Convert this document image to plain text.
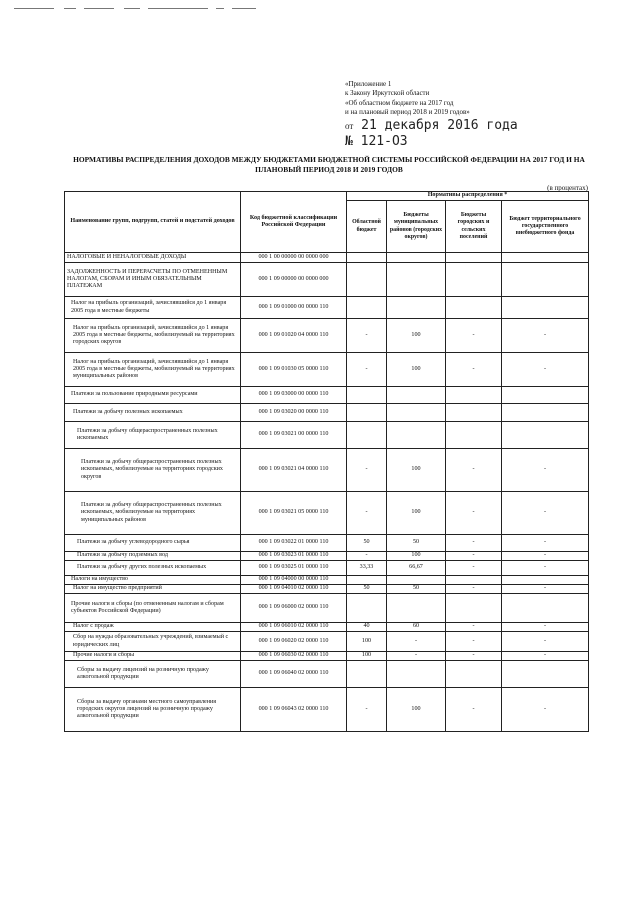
«Приложение 1
к Закону Иркутской области
«Об областном бюджете на 2017 год
и на плановый период 2018 и 2019 годов»
от 21 декабря 2016 года
№ 121-ОЗ
НОРМАТИВЫ РАСПРЕДЕЛЕНИЯ ДОХОДОВ МЕЖДУ БЮДЖЕТАМИ БЮДЖЕТНОЙ СИСТЕМЫ РОССИЙСКОЙ ФЕДЕРАЦИИ НА 2017 ГОД И НА ПЛАНОВЫЙ ПЕРИОД 2018 И 2019 ГОДОВ
(в процентах)
Наименование групп, подгрупп, статей и подстатей доходов	Код бюджетной классификации Российской Федерации	Нормативы распределения *			
		Областной бюджет	Бюджеты муниципальных районов (городских округов)	Бюджеты городских и сельских поселений	Бюджет территориального государственного внебюджетного фонда
НАЛОГОВЫЕ И НЕНАЛОГОВЫЕ ДОХОДЫ	000 1 00 00000 00 0000 000				
ЗАДОЛЖЕННОСТЬ И ПЕРЕРАСЧЕТЫ ПО ОТМЕНЕННЫМ НАЛОГАМ, СБОРАМ И ИНЫМ ОБЯЗАТЕЛЬНЫМ ПЛАТЕЖАМ	000 1 09 00000 00 0000 000				
Налог на прибыль организаций, зачислявшийся до 1 января 2005 года в местные бюджеты	000 1 09 01000 00 0000 110				
Налог на прибыль организаций, зачислявшийся до 1 января 2005 года в местные бюджеты, мобилизуемый на территориях городских округов	000 1 09 01020 04 0000 110	-	100	-	-
Налог на прибыль организаций, зачислявшийся до 1 января 2005 года в местные бюджеты, мобилизуемый на территориях муниципальных районов	000 1 09 01030 05 0000 110	-	100	-	-
Платежи за пользование природными ресурсами	000 1 09 03000 00 0000 110				
Платежи за добычу полезных ископаемых	000 1 09 03020 00 0000 110				
Платежи за добычу общераспространенных полезных ископаемых	000 1 09 03021 00 0000 110				
Платежи за добычу общераспространенных полезных ископаемых, мобилизуемые на территориях городских округов	000 1 09 03021 04 0000 110	-	100	-	-
Платежи за добычу общераспространенных полезных ископаемых, мобилизуемые на территориях муниципальных районов	000 1 09 03021 05 0000 110	-	100	-	-
Платежи за добычу углеводородного сырья	000 1 09 03022 01 0000 110	50	50	-	-
Платежи за добычу подземных вод	000 1 09 03023 01 0000 110	-	100	-	-
Платежи за добычу других полезных ископаемых	000 1 09 03025 01 0000 110	33,33	66,67	-	-
Налоги на имущество	000 1 09 04000 00 0000 110				
Налог на имущество предприятий	000 1 09 04010 02 0000 110	50	50	-	-
Прочие налоги и сборы (по отмененным налогам и сборам субъектов Российской Федерации)	000 1 09 06000 02 0000 110				
Налог с продаж	000 1 09 06010 02 0000 110	40	60	-	-
Сбор на нужды образовательных учреждений, взимаемый с юридических лиц	000 1 09 06020 02 0000 110	100	-	-	-
Прочие налоги и сборы	000 1 09 06030 02 0000 110	100	-	-	-
Сборы за выдачу лицензий на розничную продажу алкогольной продукции	000 1 09 06040 02 0000 110				
Сборы за выдачу органами местного самоуправления городских округов лицензий на розничную продажу алкогольной продукции	000 1 09 06043 02 0000 110	-	100	-	-
